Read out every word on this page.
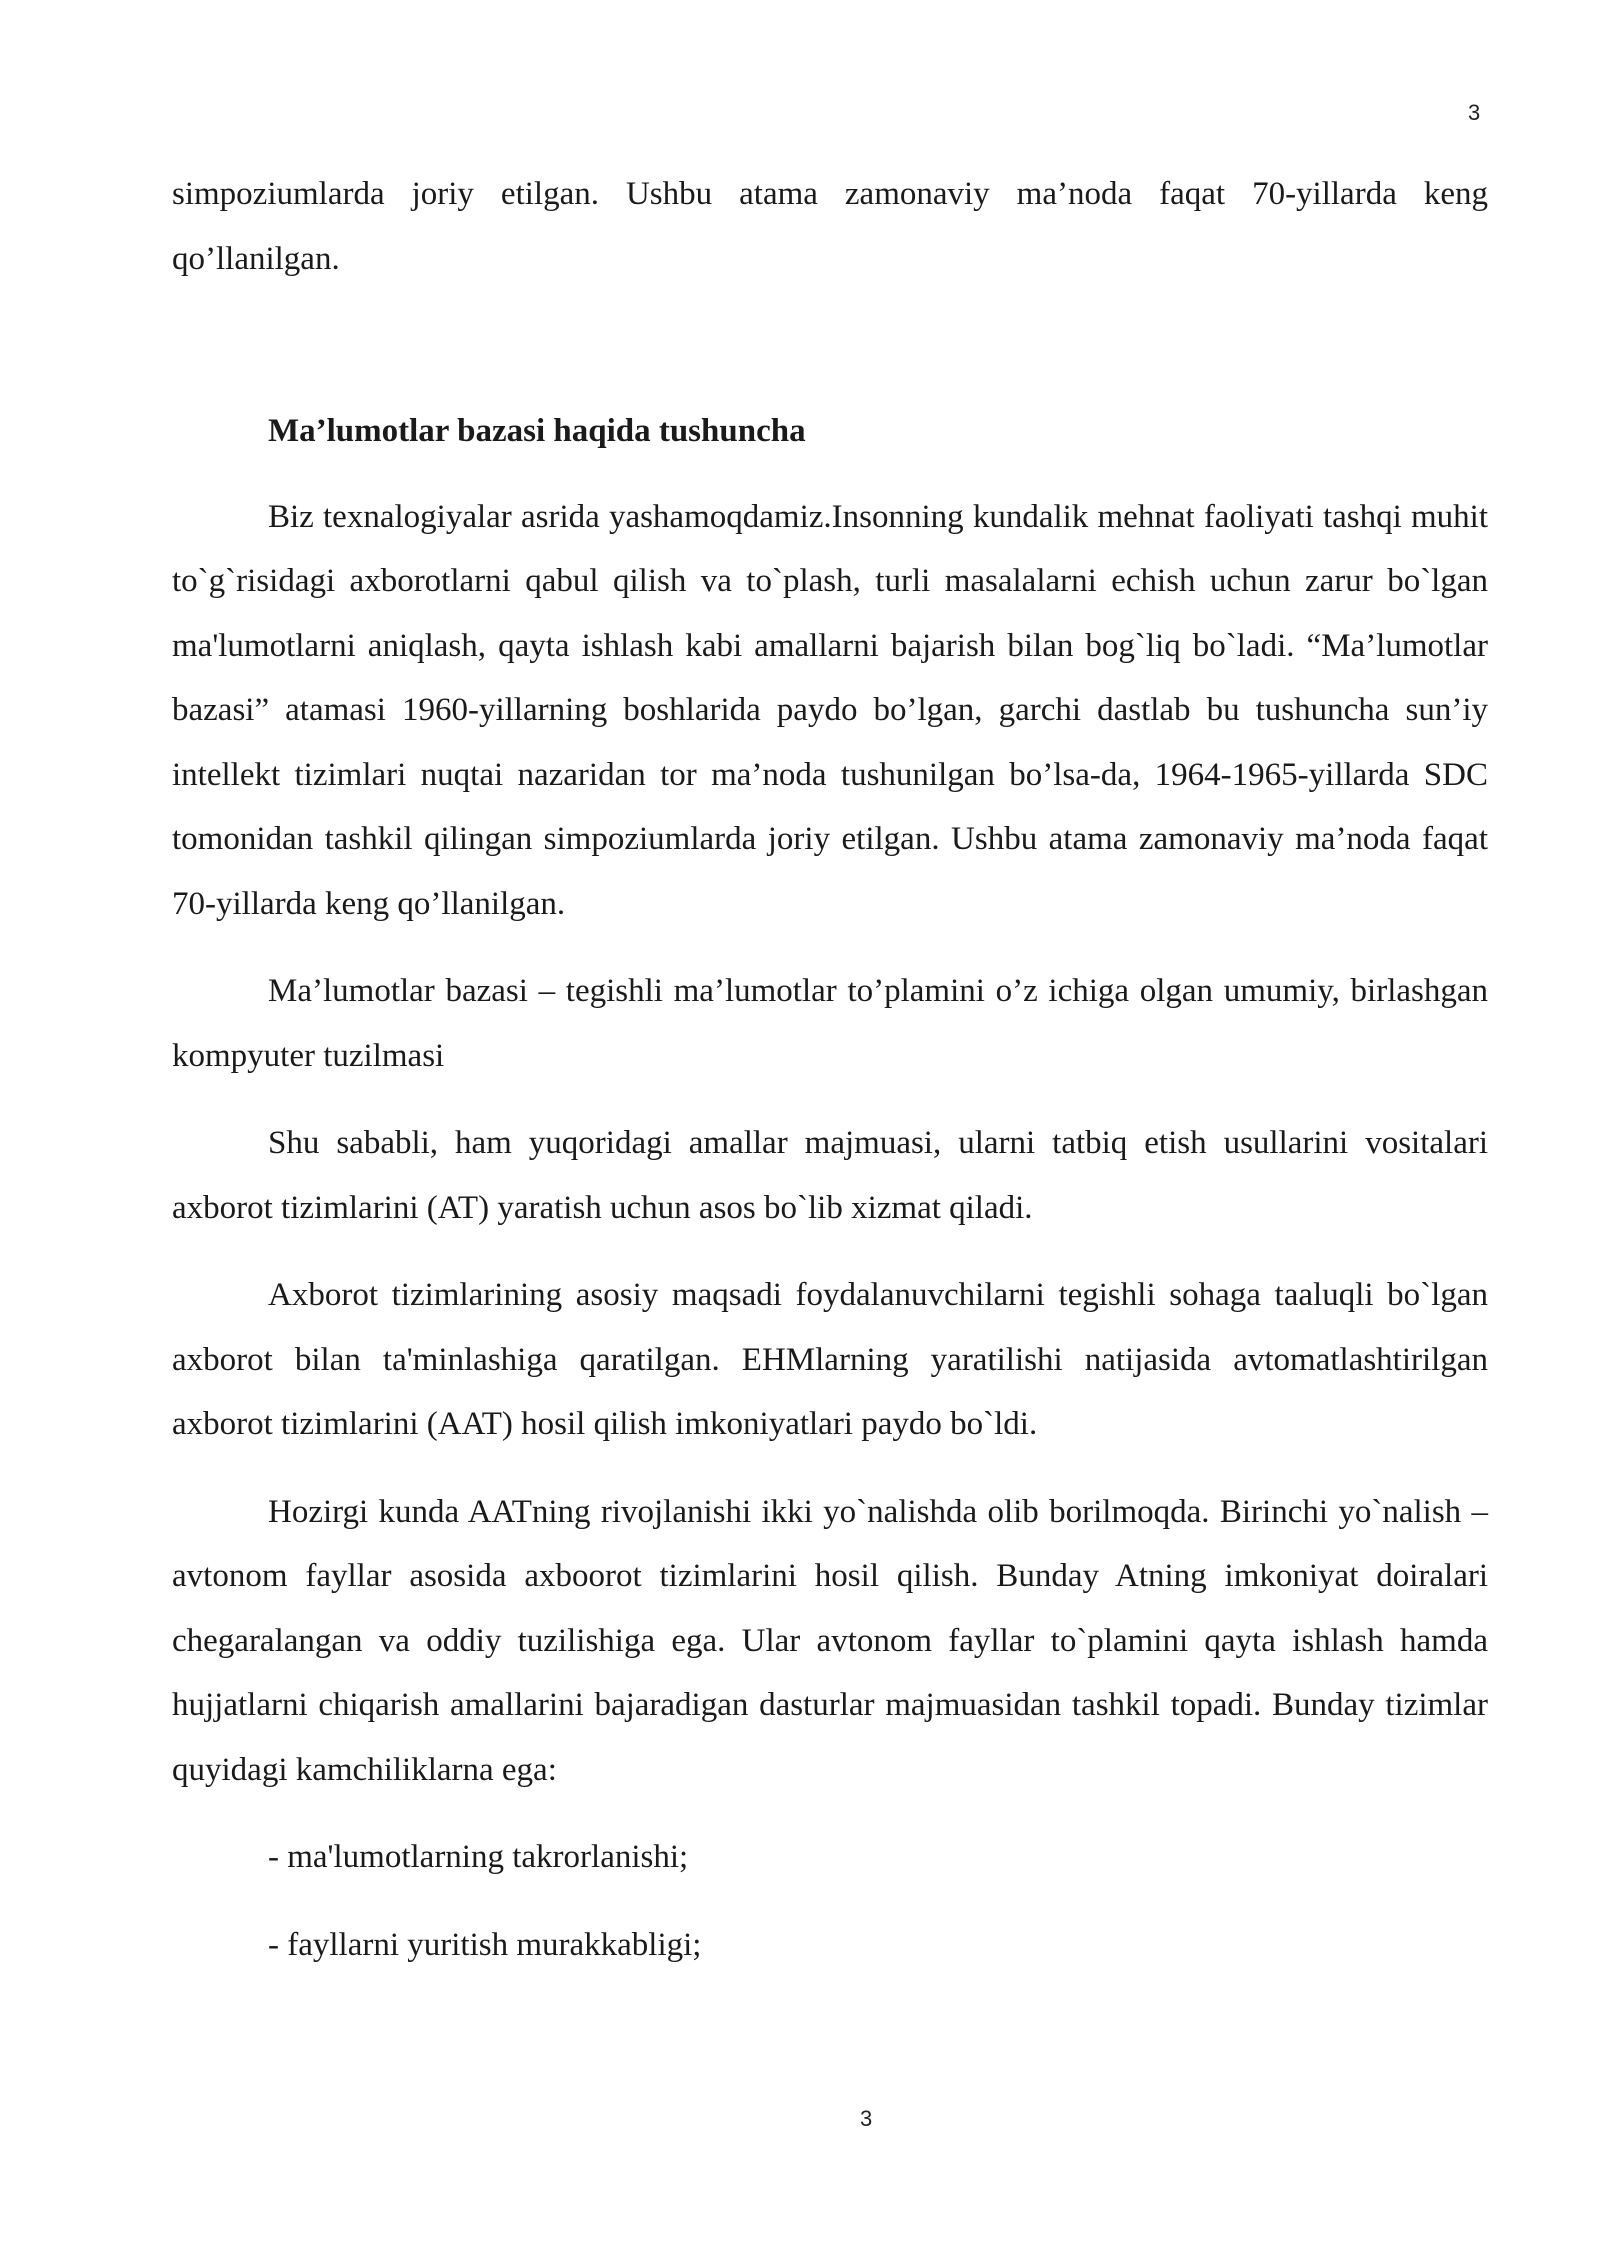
3

simpoziumlarda joriy etilgan. Ushbu atama zamonaviy ma’noda faqat 70-yillarda keng qo’llanilgan.

Ma’lumotlar bazasi haqida tushuncha

Biz texnalogiyalar asrida yashamoqdamiz.Insonning kundalik mehnat faoliyati tashqi muhit to`g`risidagi axborotlarni qabul qilish va to`plash, turli masalalarni echish uchun zarur bo`lgan ma'lumotlarni aniqlash, qayta ishlash kabi amallarni bajarish bilan bog`liq bo`ladi. “Ma’lumotlar bazasi” atamasi 1960-yillarning boshlarida paydo bo’lgan, garchi dastlab bu tushuncha sun’iy intellekt tizimlari nuqtai nazaridan tor ma’noda tushunilgan bo’lsa-da, 1964-1965-yillarda SDC tomonidan tashkil qilingan simpoziumlarda joriy etilgan. Ushbu atama zamonaviy ma’noda faqat 70-yillarda keng qo’llanilgan.

Ma’lumotlar bazasi – tegishli ma’lumotlar to’plamini o’z ichiga olgan umumiy, birlashgan kompyuter tuzilmasi

Shu sababli, ham yuqoridagi amallar majmuasi, ularni tatbiq etish usullarini vositalari axborot tizimlarini (AT) yaratish uchun asos bo`lib xizmat qiladi.

Axborot tizimlarining asosiy maqsadi foydalanuvchilarni tegishli sohaga taaluqli bo`lgan axborot bilan ta'minlashiga qaratilgan. EHMlarning yaratilishi natijasida avtomatlashtirilgan axborot tizimlarini (AAT) hosil qilish imkoniyatlari paydo bo`ldi.

Hozirgi kunda AATning rivojlanishi ikki yo`nalishda olib borilmoqda. Birinchi yo`nalish – avtonom fayllar asosida axboorot tizimlarini hosil qilish. Bunday Atning imkoniyat doiralari chegaralangan va oddiy tuzilishiga ega. Ular avtonom fayllar to`plamini qayta ishlash hamda hujjatlarni chiqarish amallarini bajaradigan dasturlar majmuasidan tashkil topadi. Bunday tizimlar quyidagi kamchiliklarna ega:

- ma'lumotlarning takrorlanishi;

- fayllarni yuritish murakkabligi;

3
